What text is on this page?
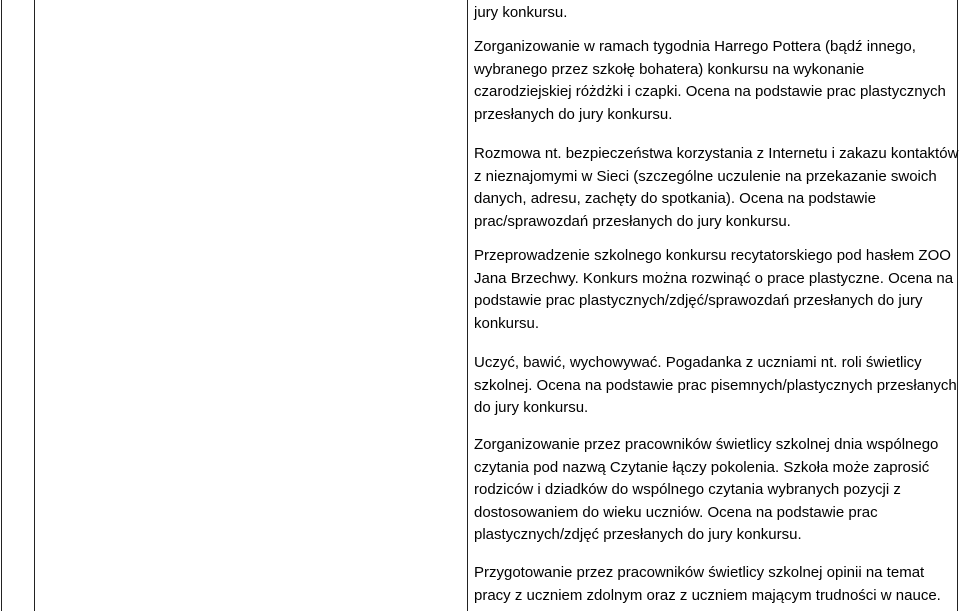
jury konkursu.
Zorganizowanie w ramach tygodnia Harrego Pottera (bądź innego,
wybranego przez szkołę bohatera) konkursu na wykonanie
czarodziejskiej różdżki i czapki. Ocena na podstawie prac plastycznych
przesłanych do jury konkursu.
Rozmowa nt. bezpieczeństwa korzystania z Internetu i zakazu kontaktów
z nieznajomymi w Sieci (szczególne uczulenie na przekazanie swoich
danych, adresu, zachęty do spotkania). Ocena na podstawie
prac/sprawozdań przesłanych do jury konkursu.
Przeprowadzenie szkolnego konkursu recytatorskiego pod hasłem ZOO
Jana Brzechwy. Konkurs można rozwinąć o prace plastyczne. Ocena na
podstawie prac plastycznych/zdjęć/sprawozdań przesłanych do jury
konkursu.
Uczyć, bawić, wychowywać. Pogadanka z uczniami nt. roli świetlicy
szkolnej. Ocena na podstawie prac pisemnych/plastycznych przesłanych
do jury konkursu.
Zorganizowanie przez pracowników świetlicy szkolnej dnia wspólnego
czytania pod nazwą Czytanie łączy pokolenia. Szkoła może zaprosić
rodziców i dziadków do wspólnego czytania wybranych pozycji z
dostosowaniem do wieku uczniów. Ocena na podstawie prac
plastycznych/zdjęć przesłanych do jury konkursu.
Przygotowanie przez pracowników świetlicy szkolnej opinii na temat
pracy z uczniem zdolnym oraz z uczniem mającym trudności w nauce.
